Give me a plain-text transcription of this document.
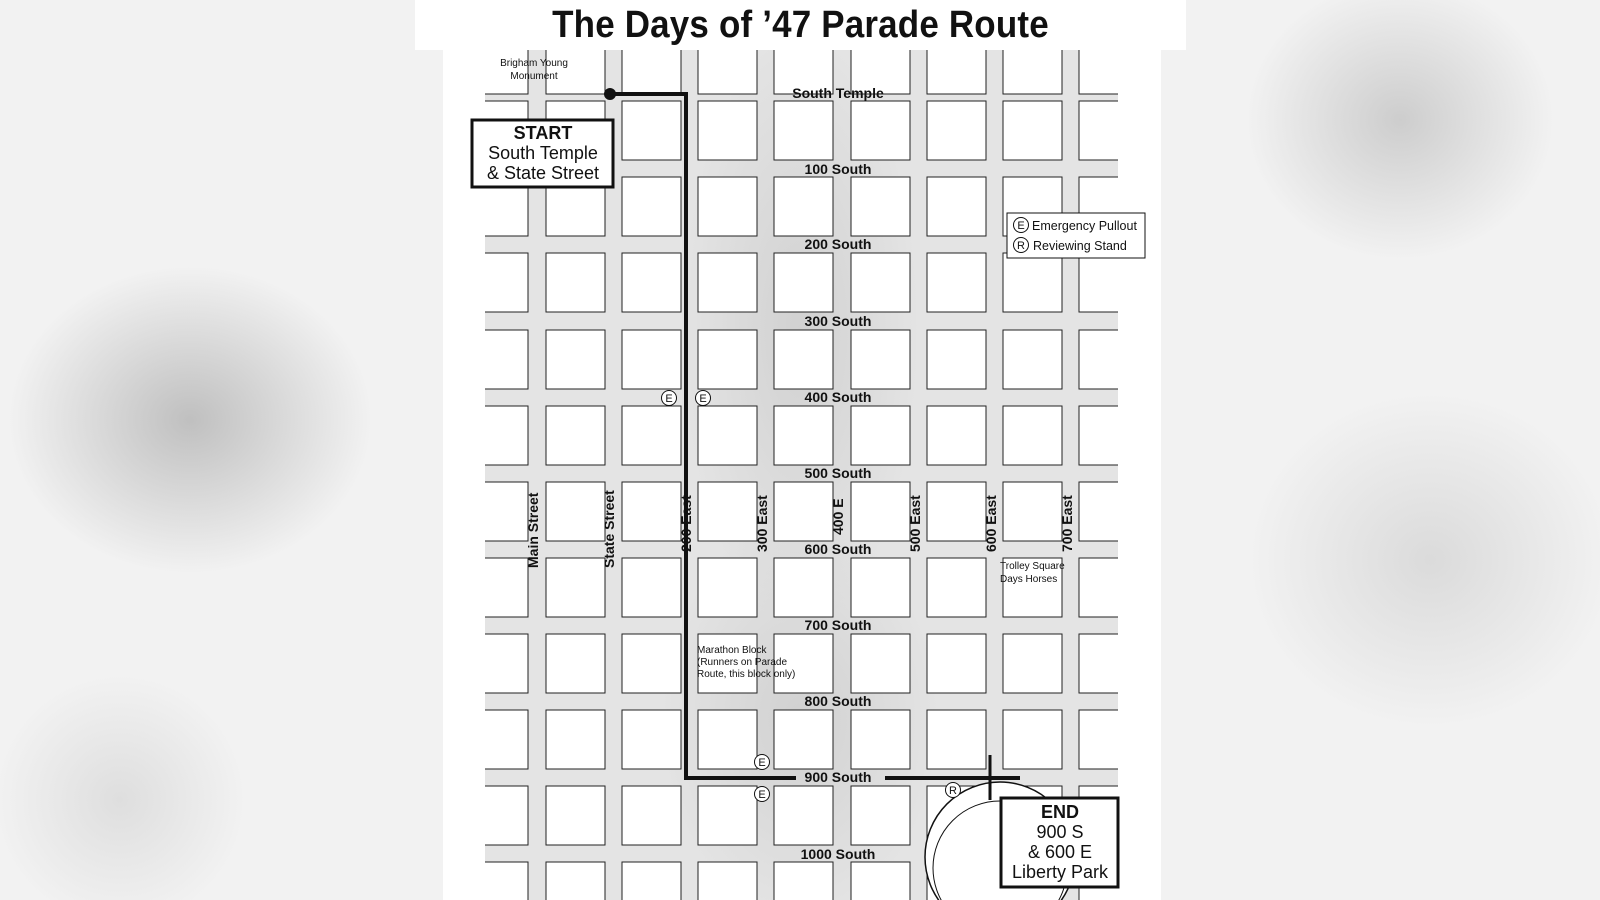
The Days of ’47 Parade Route
Brigham Young
Monument
South Temple
100 South
200 South
300 South
400 South
500 South
600 South
700 South
800 South
900 South
1000 South
Main Street	State Street	200 East	300 East	400 E	500 East	600 East	700 East
E E
E
E	R
START
South Temple
& State Street
E Emergency Pullout
R Reviewing Stand
Trolley Square
Days Horses
Marathon Block
(Runners on Parade
Route, this block only)
END
900 S
& 600 E
Liberty Park
